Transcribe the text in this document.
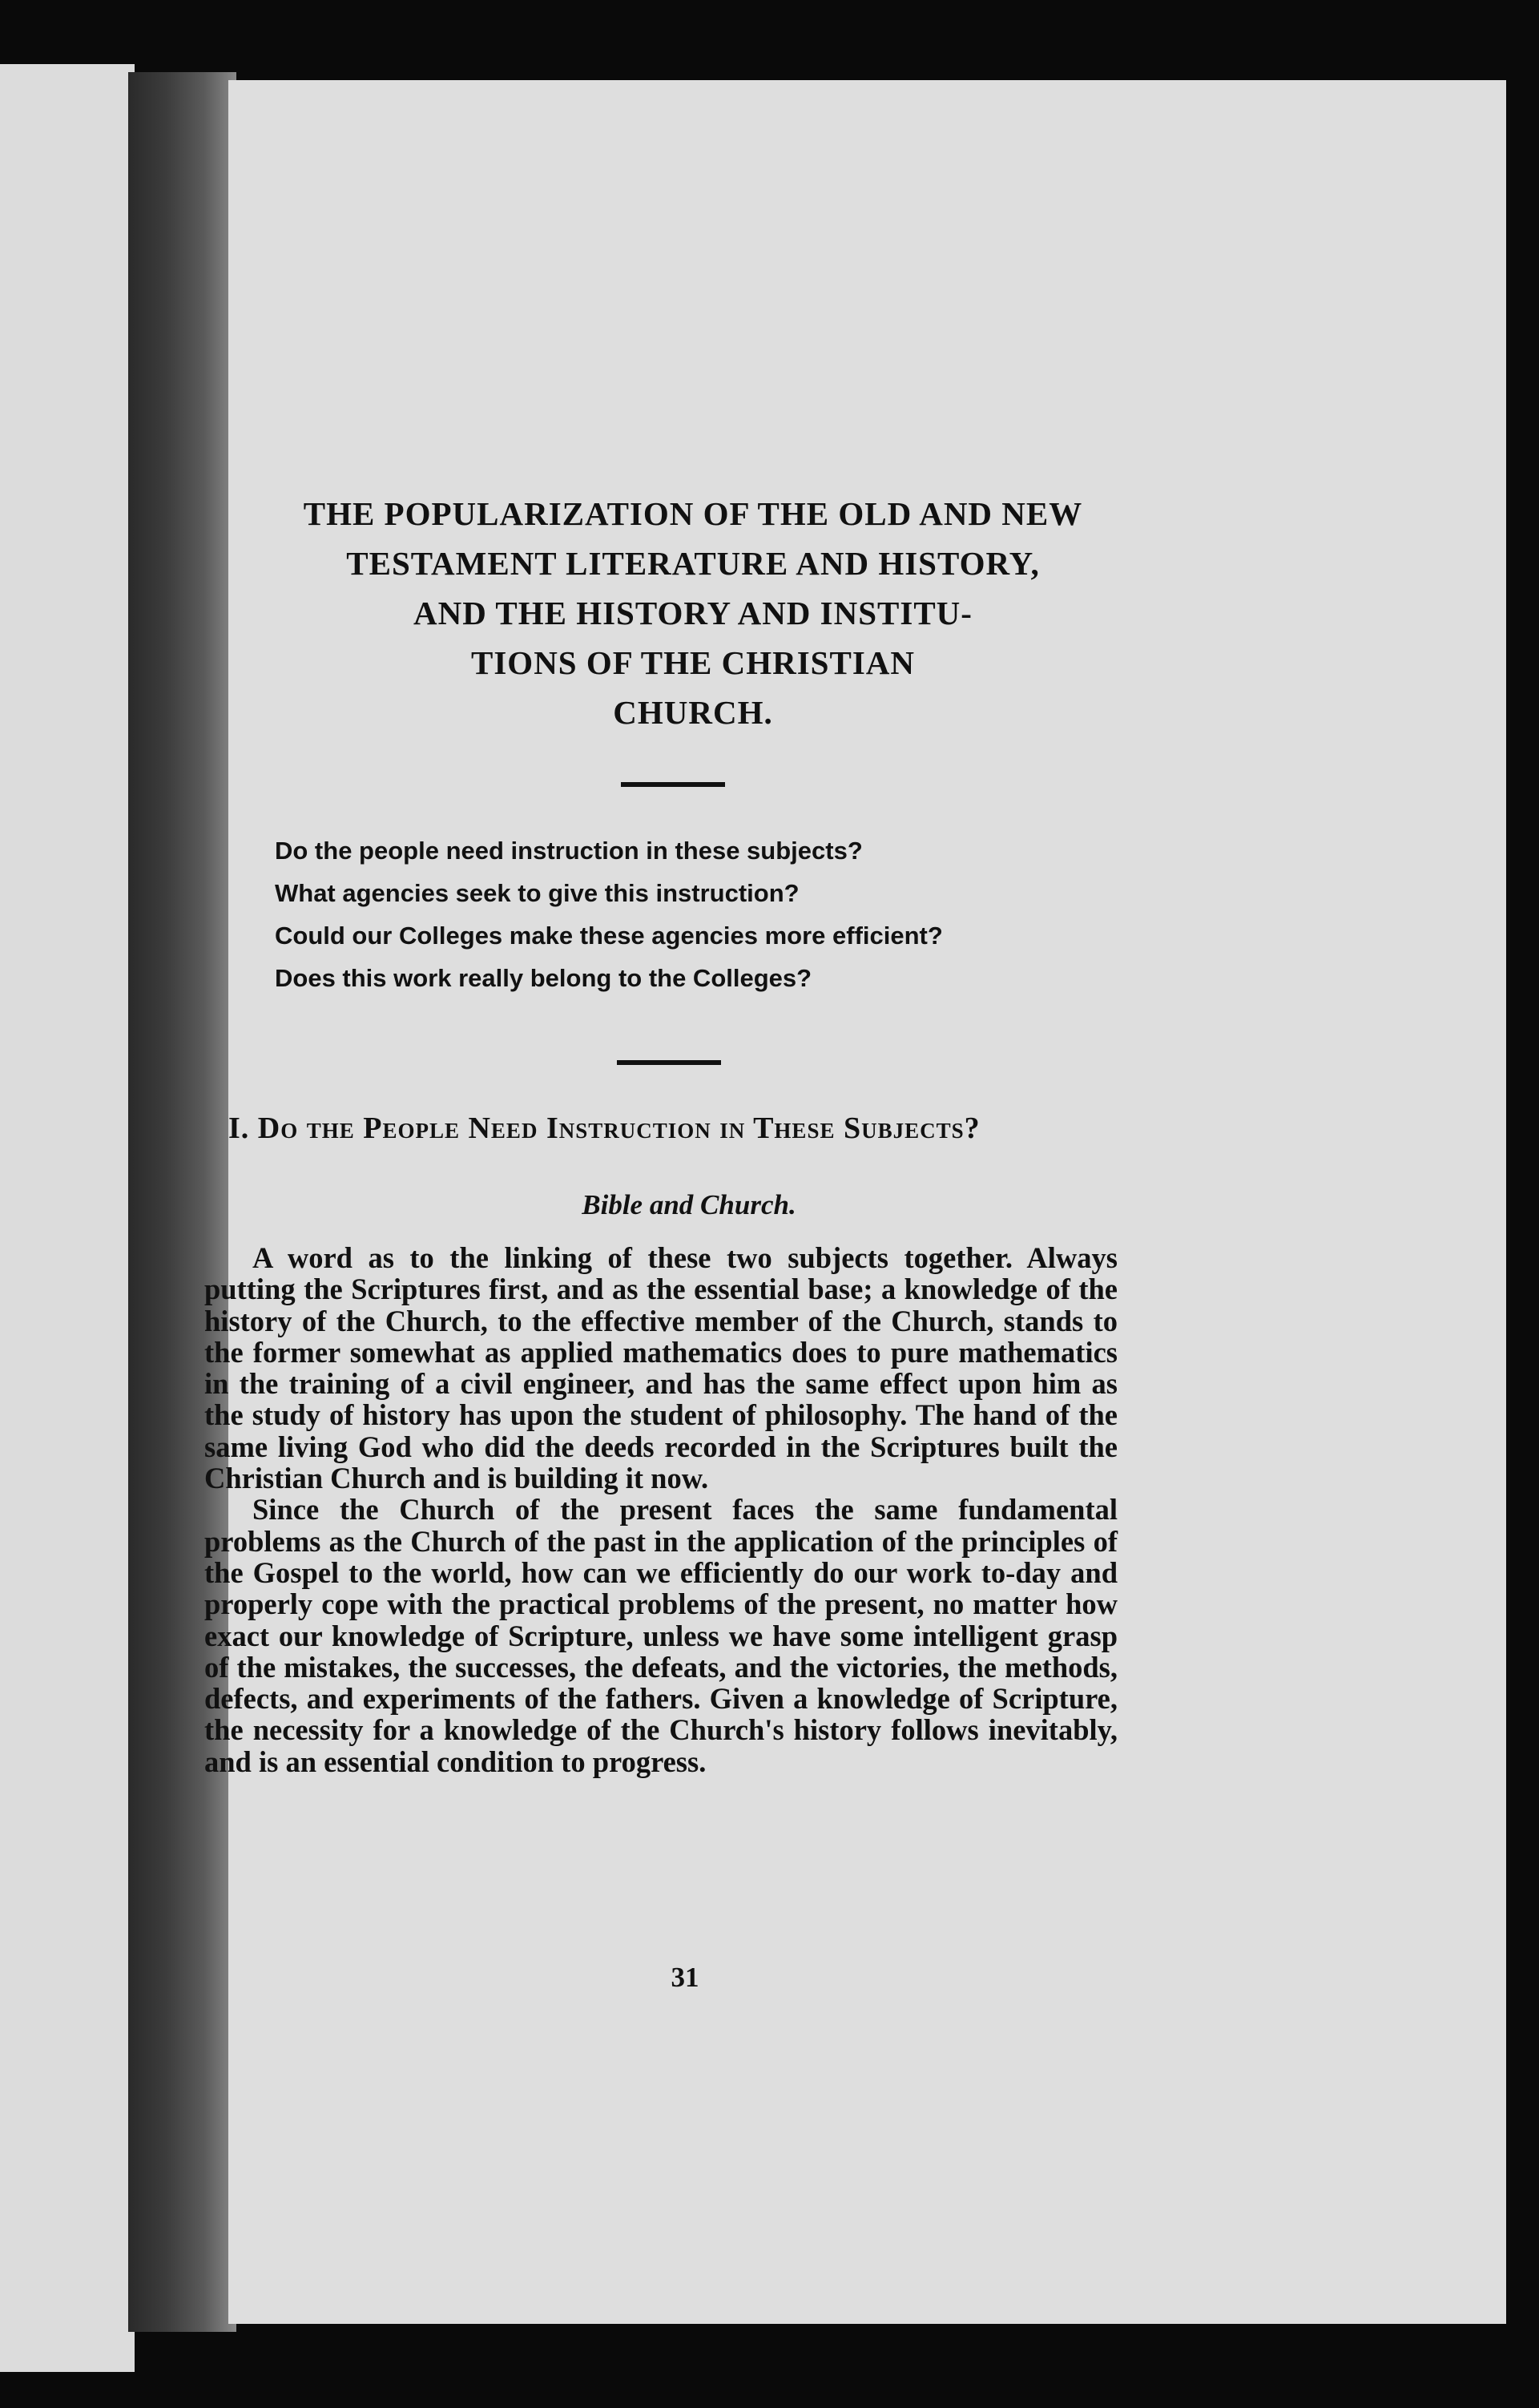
THE POPULARIZATION OF THE OLD AND NEW
TESTAMENT LITERATURE AND HISTORY,
AND THE HISTORY AND INSTITU-
TIONS OF THE CHRISTIAN
CHURCH.
Do the people need instruction in these subjects?
What agencies seek to give this instruction?
Could our Colleges make these agencies more efficient?
Does this work really belong to the Colleges?
I. Do the People Need Instruction in These Subjects?
Bible and Church.

A word as to the linking of these two subjects together. Always putting the Scriptures first, and as the essential base; a knowledge of the history of the Church, to the effective member of the Church, stands to the former somewhat as applied mathematics does to pure mathematics in the training of a civil engineer, and has the same effect upon him as the study of history has upon the student of philosophy. The hand of the same living God who did the deeds recorded in the Scriptures built the Christian Church and is building it now.

Since the Church of the present faces the same fundamental problems as the Church of the past in the application of the principles of the Gospel to the world, how can we efficiently do our work to-day and properly cope with the practical problems of the present, no matter how exact our knowledge of Scripture, unless we have some intelligent grasp of the mistakes, the successes, the defeats, and the victories, the methods, defects, and experiments of the fathers. Given a knowledge of Scripture, the necessity for a knowledge of the Church's history follows inevitably, and is an essential condition to progress.

31
